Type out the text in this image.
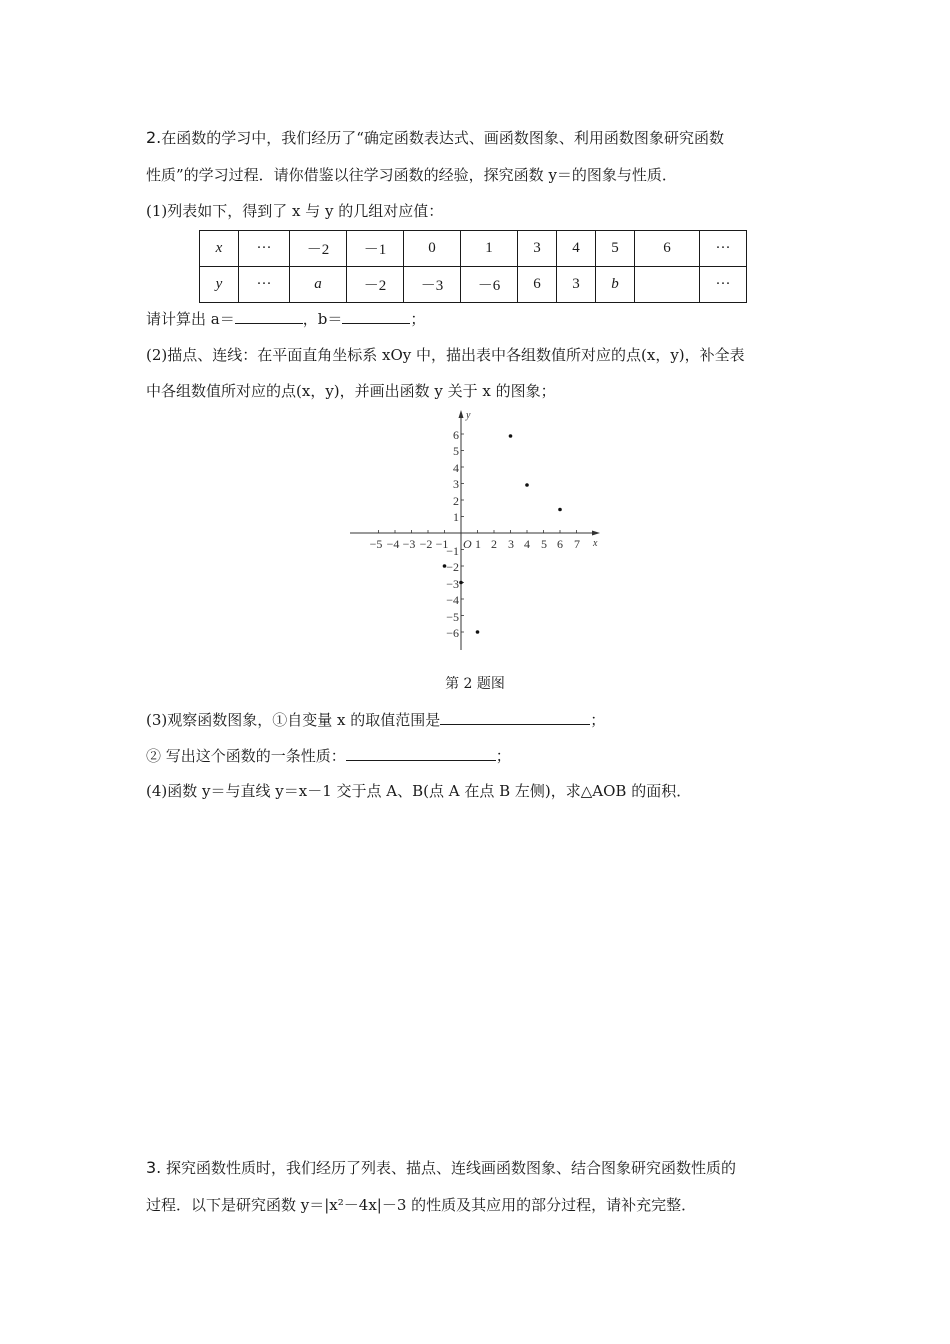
2.在函数的学习中，我们经历了“确定函数表达式、画函数图象、利用函数图象研究函数
性质”的学习过程．请你借鉴以往学习函数的经验，探究函数 y＝的图象与性质．
(1)列表如下，得到了 x 与 y 的几组对应值：
x	···	－2	－1	0	1	3	4	5	6	···
y	···	a	－2	－3	－6	6	3	b		···
请计算出 a＝	，b＝	；
(2)描点、连线：在平面直角坐标系 xOy 中，描出表中各组数值所对应的点(x，y)，补全表
中各组数值所对应的点(x，y)，并画出函数 y 关于 x 的图象；
−5 −4 −3 −2 −1 1 2 3 4 5 6 7 x
y
O
1
2
3
4
5
6
−1
−2
−3
−4
−5
−6
第 2 题图
(3)观察函数图象，①自变量 x 的取值范围是	；
② 写出这个函数的一条性质：	；
(4)函数 y＝与直线 y＝x－1 交于点 A、B(点 A 在点 B 左侧)，求△AOB 的面积．
3. 探究函数性质时，我们经历了列表、描点、连线画函数图象、结合图象研究函数性质的
过程．以下是研究函数 y＝|x²－4x|－3 的性质及其应用的部分过程，请补充完整．
